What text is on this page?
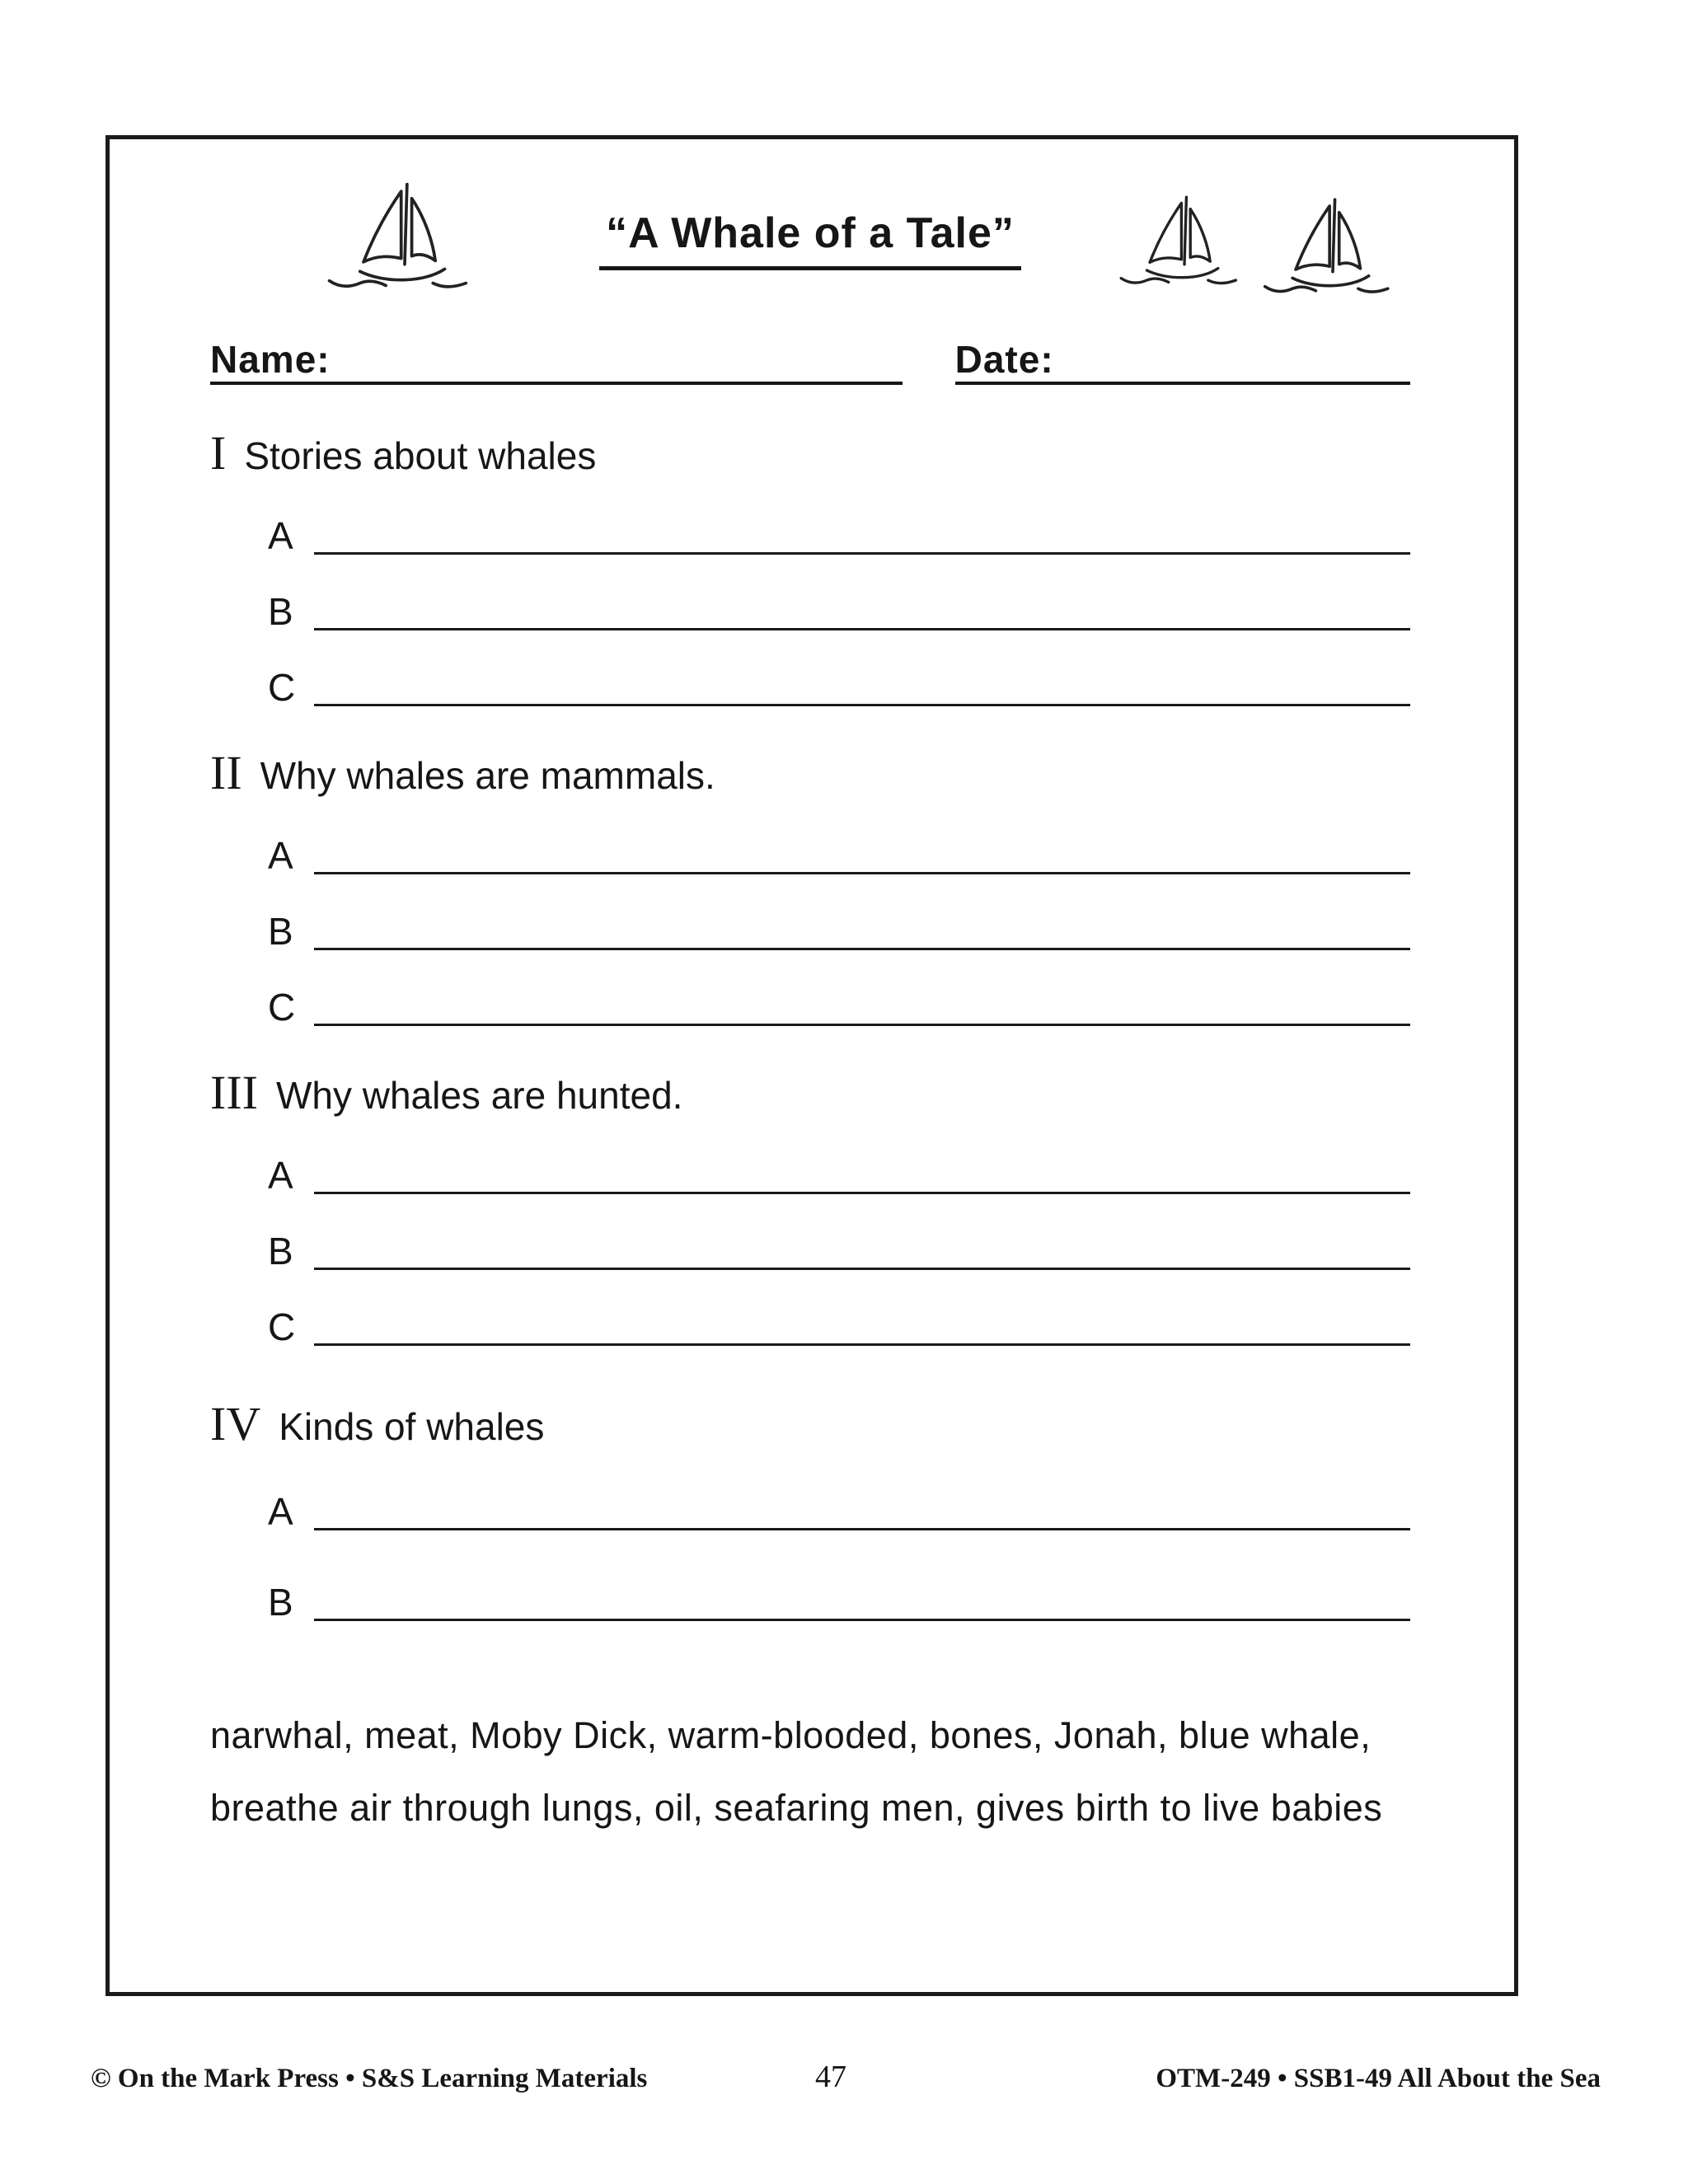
“A Whale of a Tale”
Name:	Date:
I Stories about whales
A
B
C
II Why whales are mammals.
A
B
C
III Why whales are hunted.
A
B
C
IV Kinds of whales
A
B

narwhal, meat, Moby Dick, warm-blooded, bones, Jonah, blue whale, breathe air through lungs, oil, seafaring men, gives birth to live babies

© On the Mark Press • S&S Learning Materials	47	OTM-249 • SSB1-49 All About the Sea
